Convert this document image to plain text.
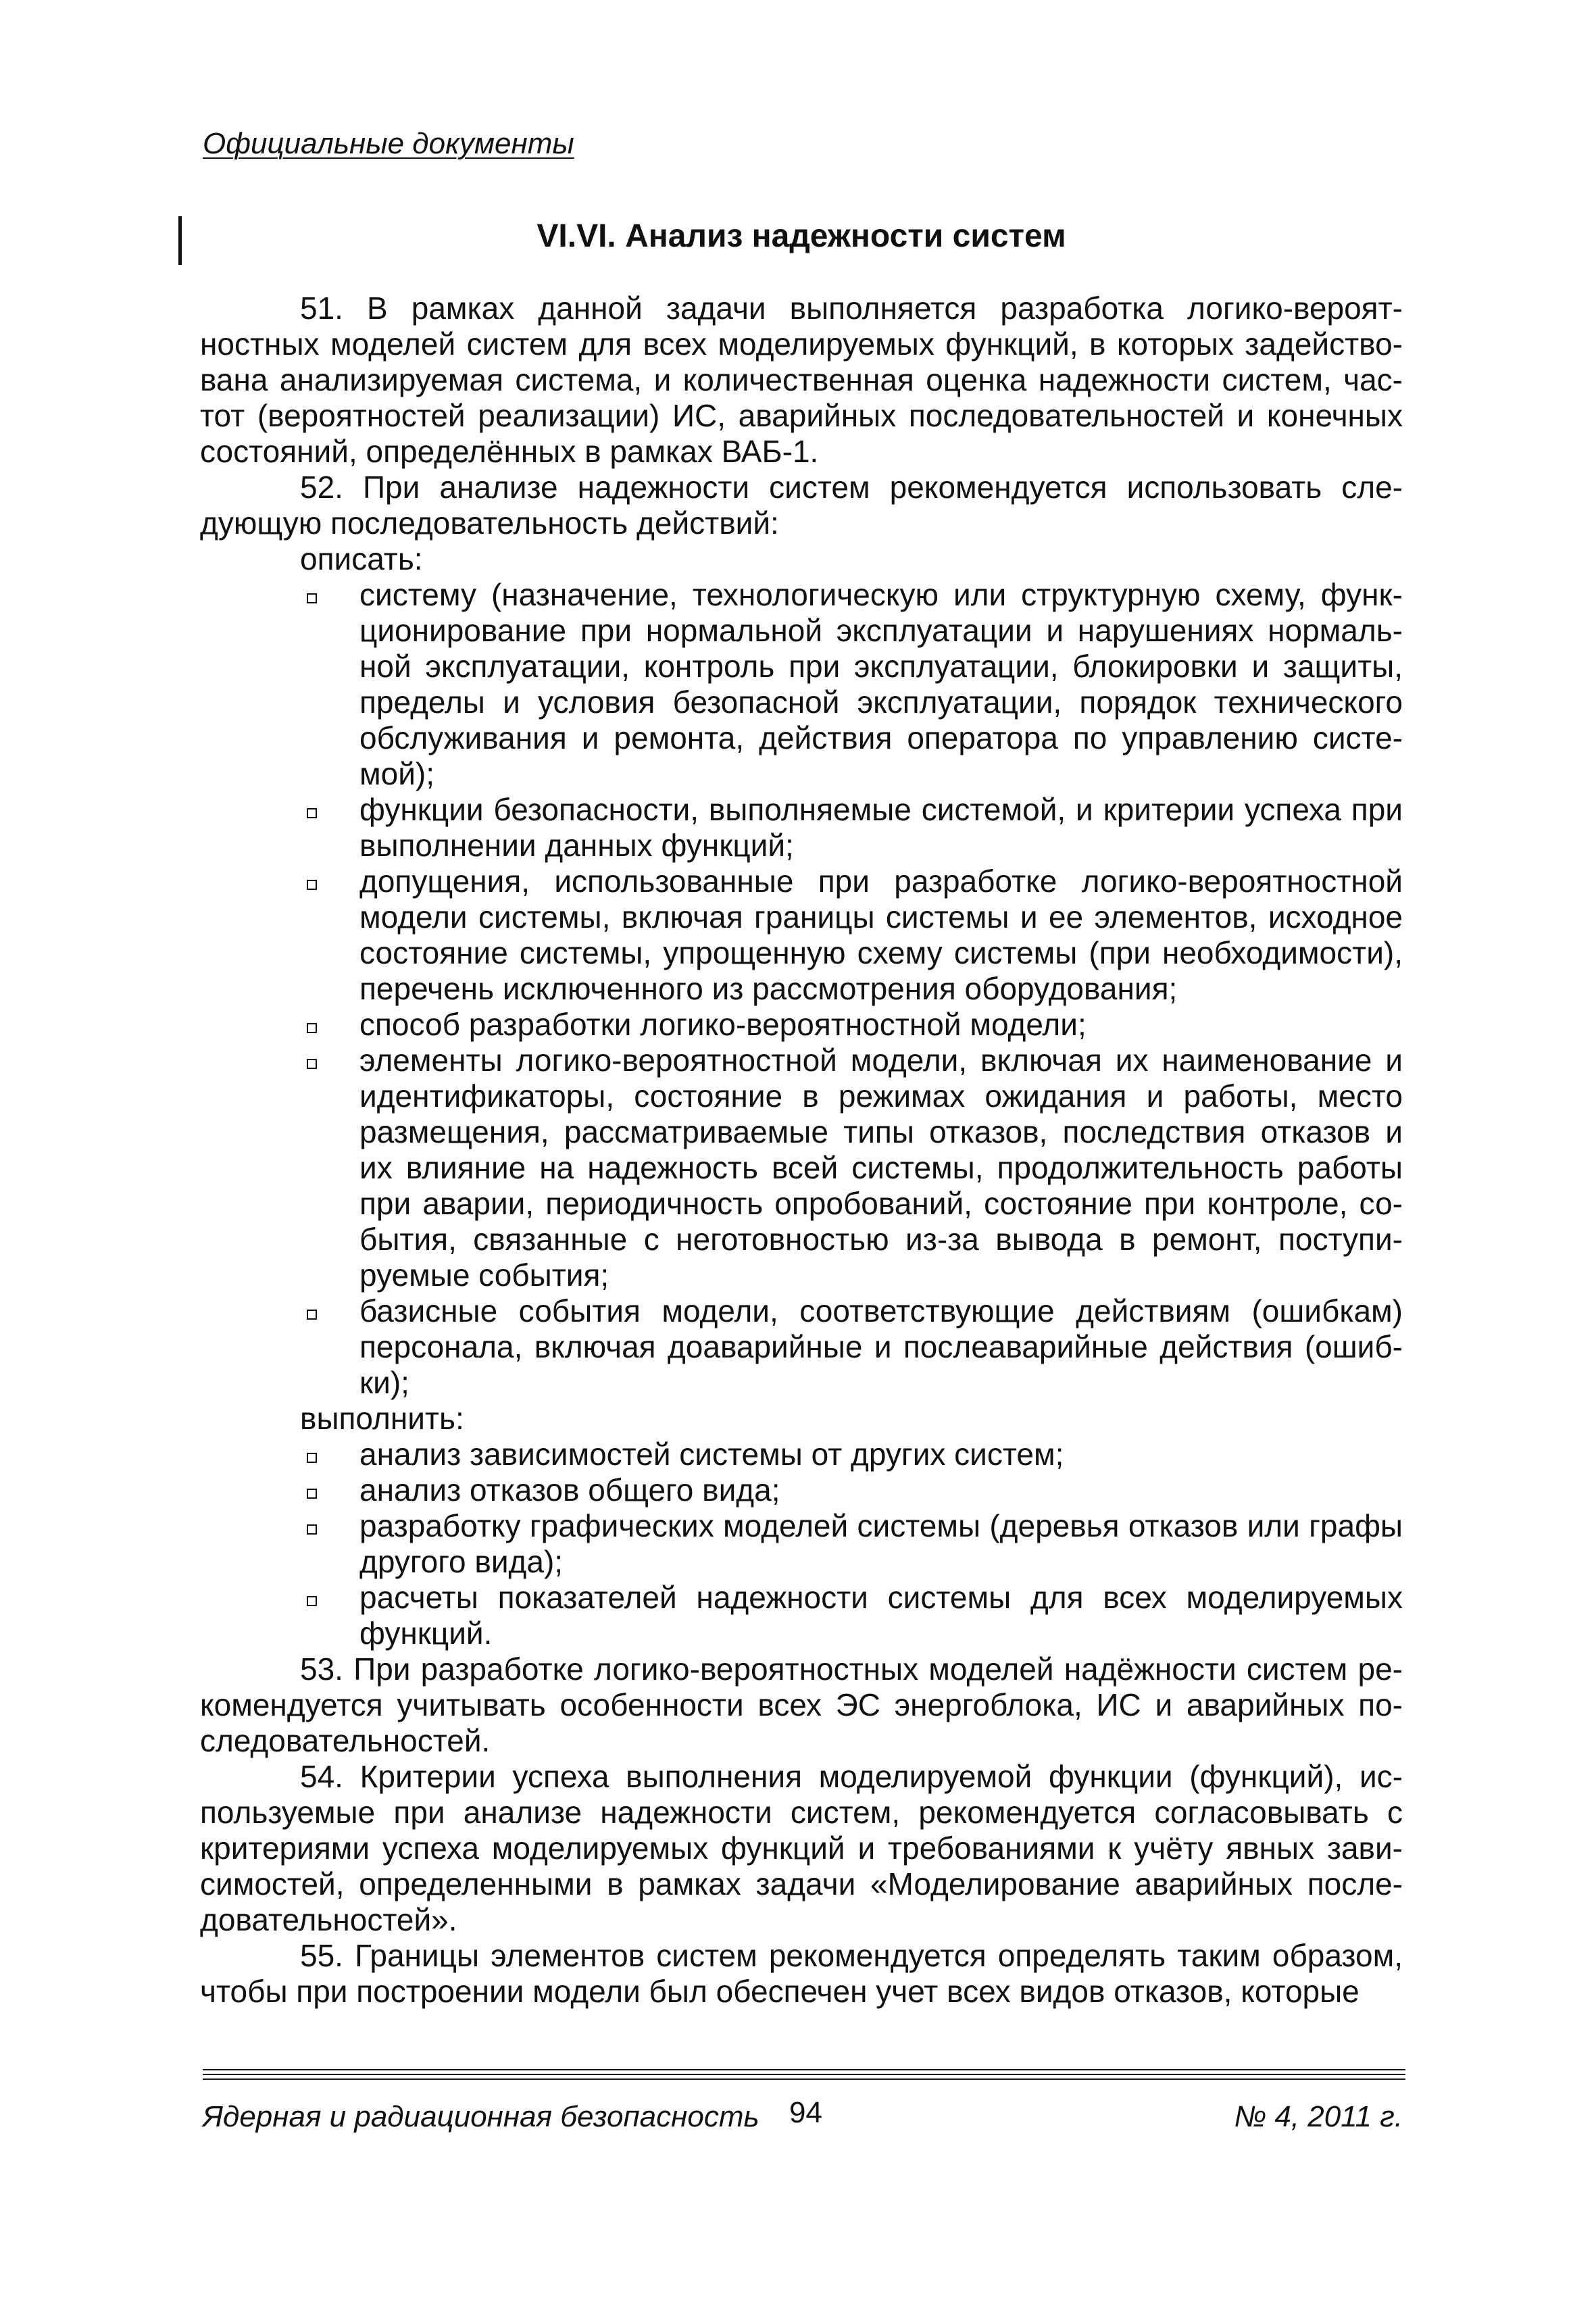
Официальные документы
VI.VI. Анализ надежности систем

51. В рамках данной задачи выполняется разработка логико-вероятностных моделей систем для всех моделируемых функций, в которых задействована анализируемая система, и количественная оценка надежности систем, частот (вероятностей реализации) ИС, аварийных последовательностей и конечных состояний, определённых в рамках ВАБ-1.

52. При анализе надежности систем рекомендуется использовать следующую последовательность действий:

описать:

систему (назначение, технологическую или структурную схему, функционирование при нормальной эксплуатации и нарушениях нормальной эксплуатации, контроль при эксплуатации, блокировки и защиты, пределы и условия безопасной эксплуатации, порядок технического обслуживания и ремонта, действия оператора по управлению системой);
функции безопасности, выполняемые системой, и критерии успеха при выполнении данных функций;
допущения, использованные при разработке логико-вероятностной модели системы, включая границы системы и ее элементов, исходное состояние системы, упрощенную схему системы (при необходимости), перечень исключенного из рассмотрения оборудования;
способ разработки логико-вероятностной модели;
элементы логико-вероятностной модели, включая их наименование и идентификаторы, состояние в режимах ожидания и работы, место размещения, рассматриваемые типы отказов, последствия отказов и их влияние на надежность всей системы, продолжительность работы при аварии, периодичность опробований, состояние при контроле, события, связанные с неготовностью из-за вывода в ремонт, поступируемые события;
базисные события модели, соответствующие действиям (ошибкам) персонала, включая доаварийные и послеаварийные действия (ошибки);

выполнить:

анализ зависимостей системы от других систем;
анализ отказов общего вида;
разработку графических моделей системы (деревья отказов или графы другого вида);
расчеты показателей надежности системы для всех моделируемых функций.

53. При разработке логико-вероятностных моделей надёжности систем рекомендуется учитывать особенности всех ЭС энергоблока, ИС и аварийных последовательностей.

54. Критерии успеха выполнения моделируемой функции (функций), используемые при анализе надежности систем, рекомендуется согласовывать с критериями успеха моделируемых функций и требованиями к учёту явных зависимостей, определенными в рамках задачи «Моделирование аварийных последовательностей».

55. Границы элементов систем рекомендуется определять таким образом, чтобы при построении модели был обеспечен учет всех видов отказов, которые

Ядерная и радиационная безопасность 94	№ 4, 2011 г.
